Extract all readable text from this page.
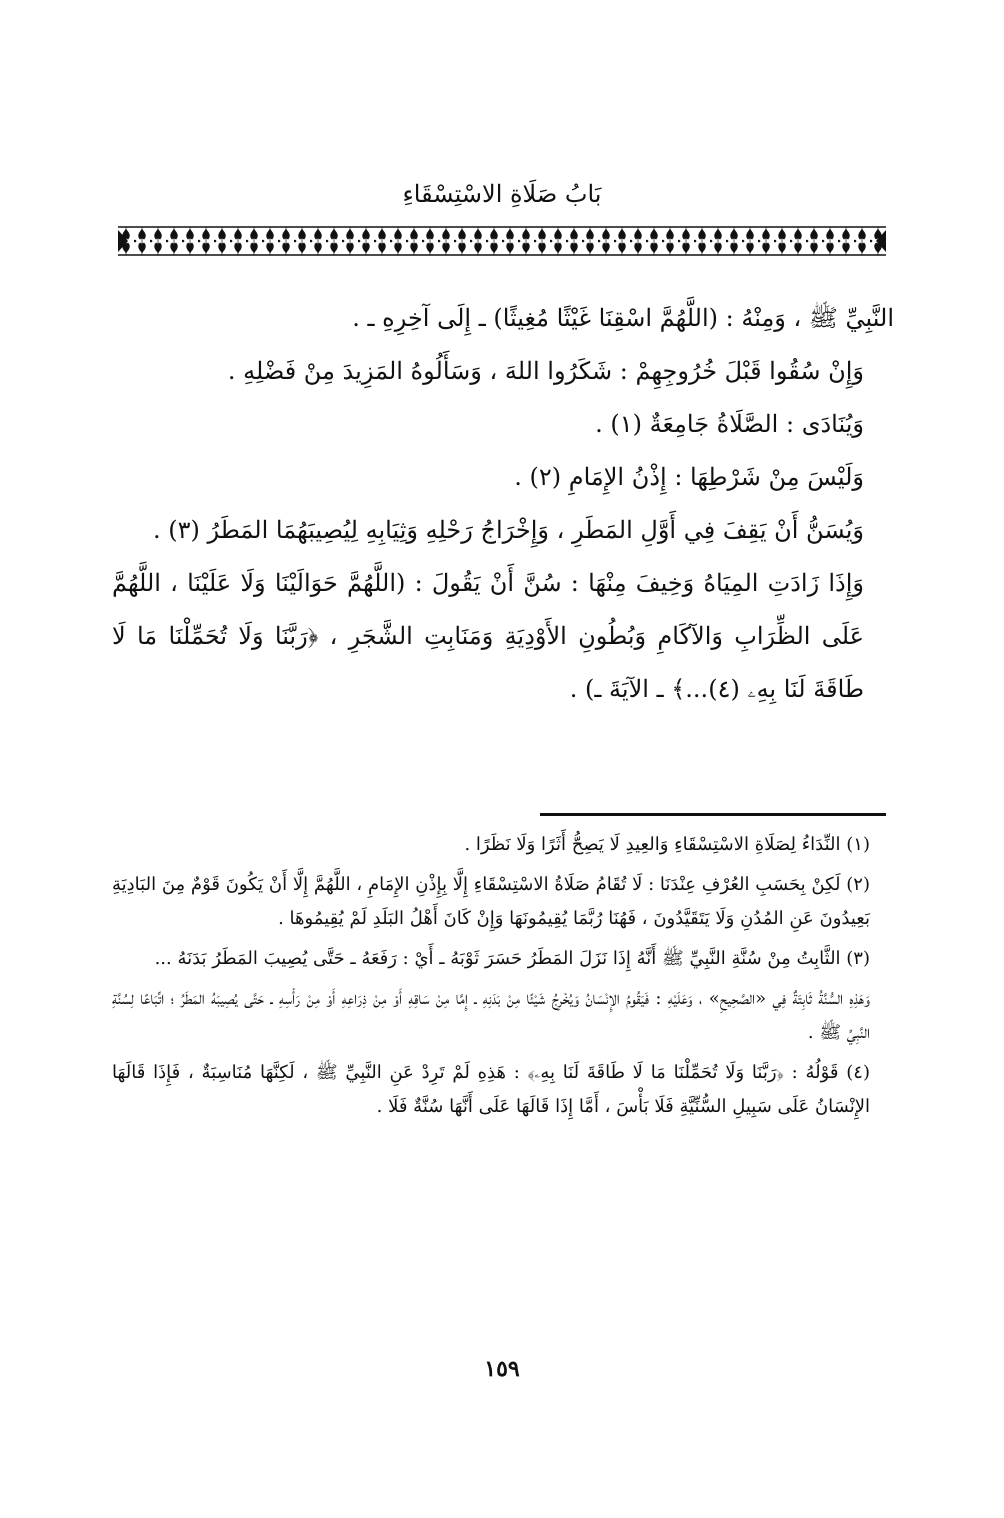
بَابُ صَلَاةِ الاسْتِسْقَاءِ

النَّبِيِّ ﷺ ، وَمِنْهُ : (اللَّهُمَّ اسْقِنَا غَيْثًا مُغِيثًا) ـ إِلَى آخِرِهِ ـ .

وَإِنْ سُقُوا قَبْلَ خُرُوجِهِمْ : شَكَرُوا اللهَ ، وَسَأَلُوهُ المَزِيدَ مِنْ فَضْلِهِ .

وَيُنَادَى : الصَّلَاةُ جَامِعَةٌ (١) .

وَلَيْسَ مِنْ شَرْطِهَا : إِذْنُ الإِمَامِ (٢) .

وَيُسَنُّ أَنْ يَقِفَ فِي أَوَّلِ المَطَرِ ، وَإِخْرَاجُ رَحْلِهِ وَثِيَابِهِ لِيُصِيبَهُمَا المَطَرُ (٣) .

وَإِذَا زَادَتِ المِيَاهُ وَخِيفَ مِنْهَا : سُنَّ أَنْ يَقُولَ : (اللَّهُمَّ حَوَالَيْنَا وَلَا عَلَيْنَا ، اللَّهُمَّ عَلَى الظِّرَابِ وَالآكَامِ وَبُطُونِ الأَوْدِيَةِ وَمَنَابِتِ الشَّجَرِ ، ﴿رَبَّنَا وَلَا تُحَمِّلْنَا مَا لَا طَاقَةَ لَنَا بِهِۦ (٤)...﴾ ـ الآيَةَ ـ) .

(١) النِّدَاءُ لِصَلَاةِ الاسْتِسْقَاءِ وَالعِيدِ لَا يَصِحُّ أَثَرًا وَلَا نَظَرًا .

(٢) لَكِنْ بِحَسَبِ العُرْفِ عِنْدَنَا : لَا تُقَامُ صَلَاةُ الاسْتِسْقَاءِ إِلَّا بِإِذْنِ الإِمَامِ ، اللَّهُمَّ إِلَّا أَنْ يَكُونَ قَوْمٌ مِنَ البَادِيَةِ بَعِيدُونَ عَنِ المُدُنِ وَلَا يَتَقَيَّدُونَ ، فَهُنَا رُبَّمَا يُقِيمُونَهَا وَإِنْ كَانَ أَهْلُ البَلَدِ لَمْ يُقِيمُوهَا .

(٣) الثَّابِتُ مِنْ سُنَّةِ النَّبِيِّ ﷺ أَنَّهُ إِذَا نَزَلَ المَطَرُ حَسَرَ ثَوْبَهُ ـ أَيْ : رَفَعَهُ ـ حَتَّى يُصِيبَ المَطَرُ بَدَنَهُ ...

وَهَذِهِ السُّنَّةُ ثَابِتَةٌ فِي «الصَّحِيحِ» ، وَعَلَيْهِ : فَيَقُومُ الإِنْسَانُ وَيُخْرِجُ شَيْئًا مِنْ بَدَنِهِ ـ إِمَّا مِنْ سَاقِهِ أَوْ مِنْ ذِرَاعِهِ أَوْ مِنْ رَأْسِهِ ـ حَتَّى يُصِيبَهُ المَطَرُ ؛ اتِّبَاعًا لِسُنَّةِ النَّبِيِّ ﷺ .

(٤) قَوْلُهُ : ﴿رَبَّنَا وَلَا تُحَمِّلْنَا مَا لَا طَاقَةَ لَنَا بِهِۦ﴾ : هَذِهِ لَمْ تَرِدْ عَنِ النَّبِيِّ ﷺ ، لَكِنَّهَا مُنَاسِبَةٌ ، فَإِذَا قَالَهَا الإِنْسَانُ عَلَى سَبِيلِ السُّنِّيَّةِ فَلَا بَأْسَ ، أَمَّا إِذَا قَالَهَا عَلَى أَنَّهَا سُنَّةٌ فَلَا .

١٥٩
